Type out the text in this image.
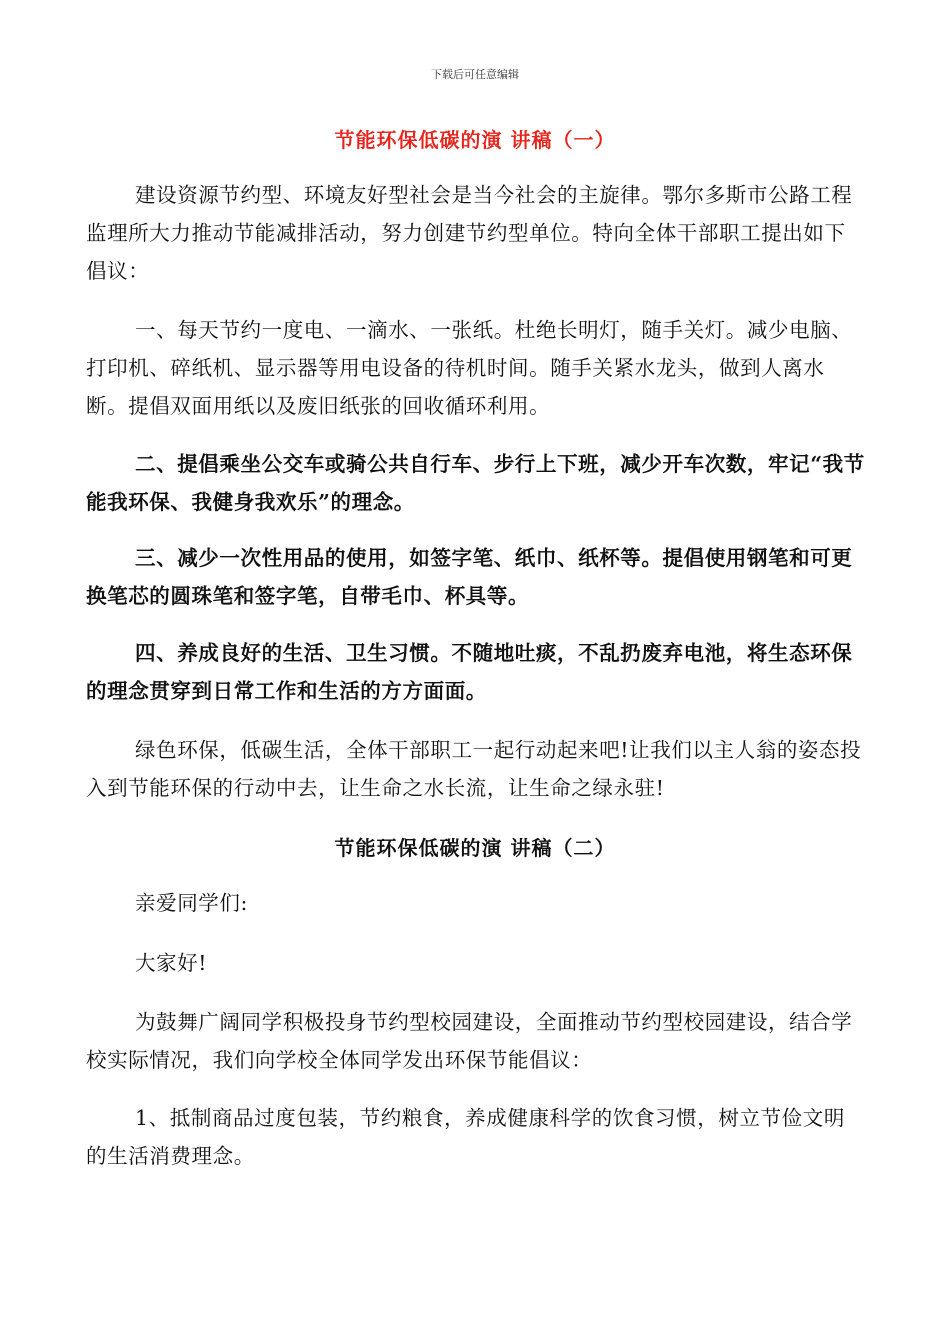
下载后可任意编辑
节能环保低碳的演 讲稿（一）

建设资源节约型、环境友好型社会是当今社会的主旋律。鄂尔多斯市公路工程监理所大力推动节能减排活动，努力创建节约型单位。特向全体干部职工提出如下倡议：

一、每天节约一度电、一滴水、一张纸。杜绝长明灯，随手关灯。减少电脑、打印机、碎纸机、显示器等用电设备的待机时间。随手关紧水龙头，做到人离水断。提倡双面用纸以及废旧纸张的回收循环利用。

二、提倡乘坐公交车或骑公共自行车、步行上下班，减少开车次数，牢记“我节能我环保、我健身我欢乐”的理念。

三、减少一次性用品的使用，如签字笔、纸巾、纸杯等。提倡使用钢笔和可更换笔芯的圆珠笔和签字笔，自带毛巾、杯具等。

四、养成良好的生活、卫生习惯。不随地吐痰，不乱扔废弃电池，将生态环保的理念贯穿到日常工作和生活的方方面面。

绿色环保，低碳生活，全体干部职工一起行动起来吧!让我们以主人翁的姿态投入到节能环保的行动中去，让生命之水长流，让生命之绿永驻!

节能环保低碳的演 讲稿（二）

亲爱同学们:

大家好!

为鼓舞广阔同学积极投身节约型校园建设，全面推动节约型校园建设，结合学校实际情况，我们向学校全体同学发出环保节能倡议：

1、抵制商品过度包装，节约粮食，养成健康科学的饮食习惯，树立节俭文明的生活消费理念。
